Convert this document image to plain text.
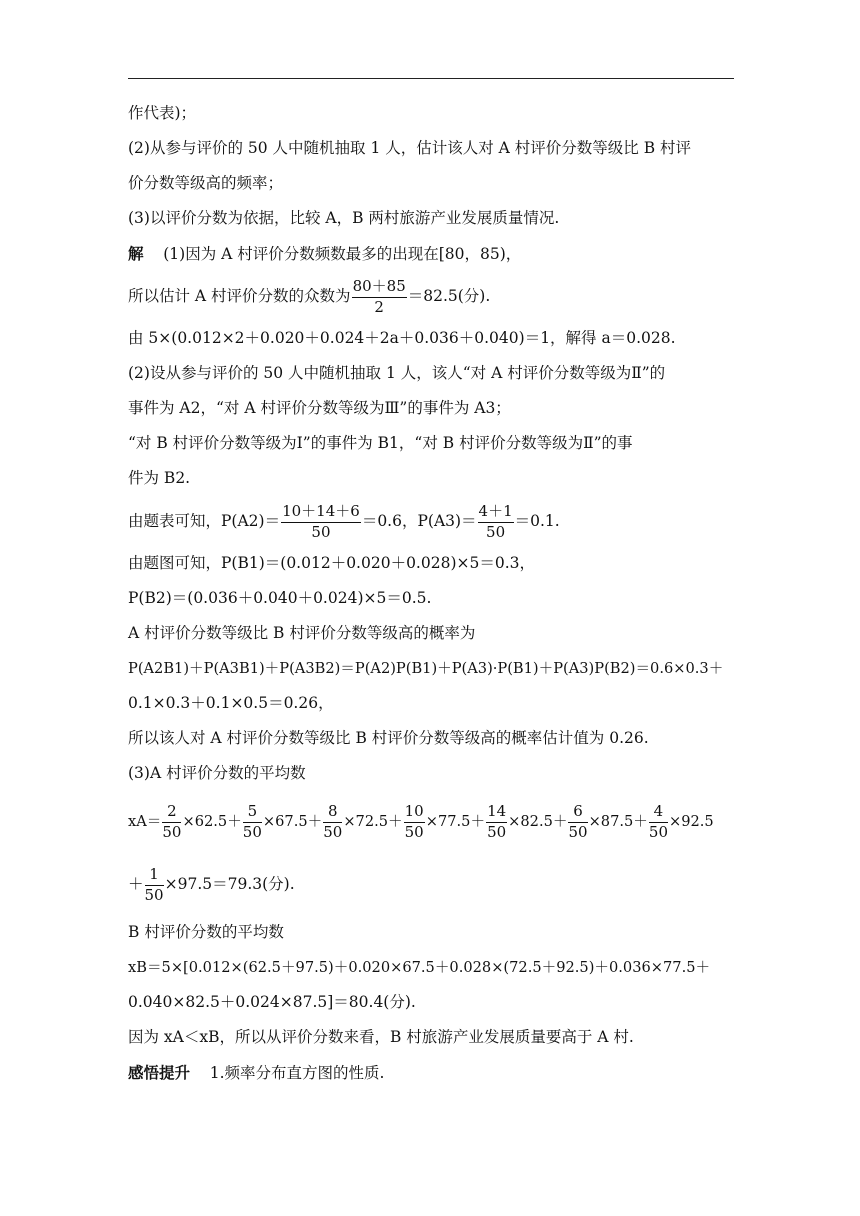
作代表)；
(2)从参与评价的 50 人中随机抽取 1 人，估计该人对 A 村评价分数等级比 B 村评
价分数等级高的频率；
(3)以评价分数为依据，比较 A，B 两村旅游产业发展质量情况.
解 (1)因为 A 村评价分数频数最多的出现在[80，85)，
所以估计 A 村评价分数的众数为 $\frac{80+85}{2} =82.5$(分).
由 5×(0.012×2＋0.020＋0.024＋2a＋0.036＋0.040)＝1，解得 a＝0.028.
(2)设从参与评价的 50 人中随机抽取 1 人，该人“对 A 村评价分数等级为Ⅱ”的
事件为 A2，“对 A 村评价分数等级为Ⅲ”的事件为 A3；
“对 B 村评价分数等级为Ⅰ”的事件为 B1，“对 B 村评价分数等级为Ⅱ”的事
件为 B2.
由题表可知，$P(A2)= \frac{10+14+6}{50} =0.6$，$P(A3)= \frac{4+1}{50} =0.1$.
由题图可知，P(B1)＝(0.012＋0.020＋0.028)×5＝0.3，
P(B2)＝(0.036＋0.040＋0.024)×5＝0.5.
A 村评价分数等级比 B 村评价分数等级高的概率为
P(A2B1)＋P(A3B1)＋P(A3B2)＝P(A2)P(B1)＋P(A3)·P(B1)＋P(A3)P(B2)＝0.6×0.3＋
0.1×0.3＋0.1×0.5＝0.26，
所以该人对 A 村评价分数等级比 B 村评价分数等级高的概率估计值为 0.26.
(3)A 村评价分数的平均数
$xA= \frac{2}{50} \times 62.5+ \frac{5}{50} \times 67.5+ \frac{8}{50} \times 72.5+ \frac{10}{50} \times 77.5+ \frac{14}{50} \times 82.5+ \frac{6}{50} \times 87.5+ \frac{4}{50} \times 92.5$
＋ $\frac{1}{50} \times 97.5=79.3$(分).
B 村评价分数的平均数
xB＝5×[0.012×(62.5＋97.5)＋0.020×67.5＋0.028×(72.5＋92.5)＋0.036×77.5＋
0.040×82.5＋0.024×87.5]＝80.4(分).
因为 xA＜xB，所以从评价分数来看，B 村旅游产业发展质量要高于 A 村.
感悟提升 1.频率分布直方图的性质.
